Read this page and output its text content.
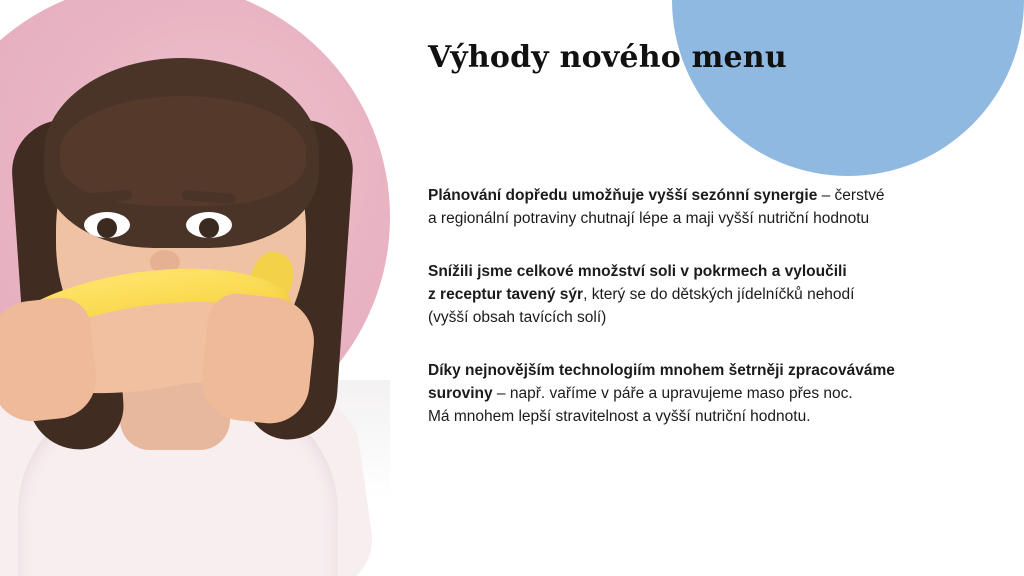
Výhody nového menu

Plánování dopředu umožňuje vyšší sezónní synergie – čerstvé

a regionální potraviny chutnají lépe a maji vyšší nutriční hodnotu

Snížili jsme celkové množství soli v pokrmech a vyloučili

z receptur tavený sýr, který se do dětských jídelníčků nehodí

(vyšší obsah tavících solí)

Díky nejnovějším technologiím mnohem šetrněji zpracováváme

suroviny – např. vaříme v páře a upravujeme maso přes noc.

Má mnohem lepší stravitelnost a vyšší nutriční hodnotu.
